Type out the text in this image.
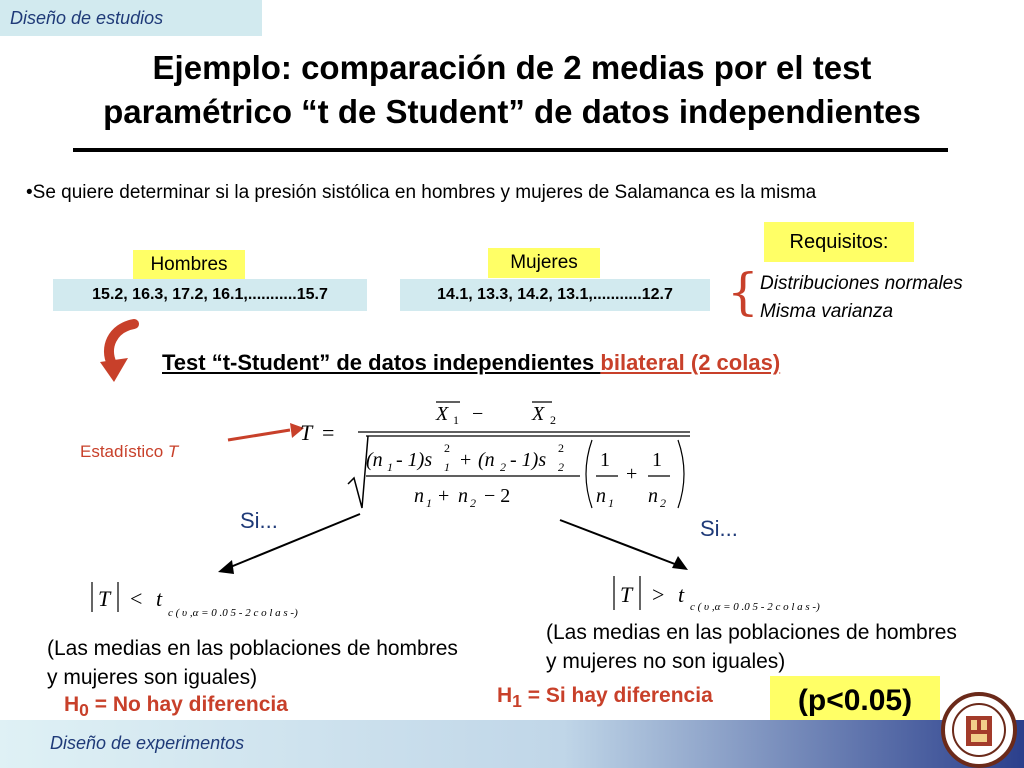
Diseño de estudios
Ejemplo: comparación de 2 medias por el test
paramétrico “t de Student” de datos independientes
•Se quiere determinar si la presión sistólica en hombres y mujeres de Salamanca es la misma
Requisitos:
Hombres	Mujeres
15.2, 16.3, 17.2, 16.1,...........15.7	14.1, 13.3, 14.2, 13.1,...........12.7	{ Distribuciones normales
Misma varianza
Test “t-Student” de datos independientes bilateral (2 colas)
Estadístico T
T =
X 1 − X 2
(n 1 - 1)s 1
2
+ (n 2 - 1)s 2
2
n 1 + n 2 − 2
1
n 1
+
1
n 2
Si...	Si...
T < t
c ( υ ,α = 0 .0 5 - 2 c o l a s -)
T > t c ( υ ,α = 0 .0 5 - 2 c o l a s -)
(Las medias en las poblaciones de hombres y mujeres son iguales)
(Las medias en las poblaciones de hombres y mujeres no son iguales)
$H_0 = No$ hay diferencia	$H_1 = Si$ hay diferencia	(p<0.05)
Diseño de experimentos
